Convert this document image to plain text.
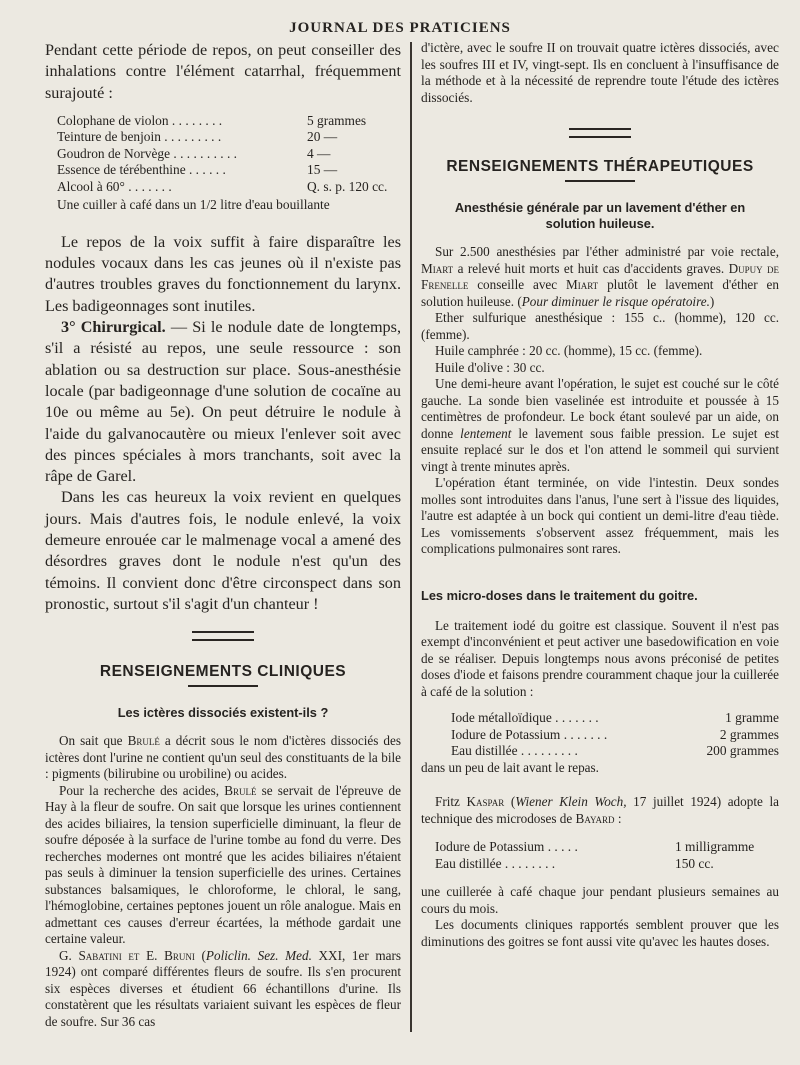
JOURNAL DES PRATICIENS

Pendant cette période de repos, on peut conseiller des inhalations contre l'élément catarrhal, fréquemment surajouté :

Colophane de violon . . . . . . . .	5 grammes
Teinture de benjoin . . . . . . . . .	20 —
Goudron de Norvège . . . . . . . . . .	4 —
Essence de térébenthine . . . . . .	15 —
Alcool à 60° . . . . . . .	Q. s. p. 120 cc.

Une cuiller à café dans un 1/2 litre d'eau bouillante

Le repos de la voix suffit à faire disparaître les nodules vocaux dans les cas jeunes où il n'existe pas d'autres troubles graves du fonctionnement du larynx. Les badigeonnages sont inutiles.

3° Chirurgical. — Si le nodule date de longtemps, s'il a résisté au repos, une seule ressource : son ablation ou sa destruction sur place. Sous-anesthésie locale (par badigeonnage d'une solution de cocaïne au 10e ou même au 5e). On peut détruire le nodule à l'aide du galvanocautère ou mieux l'enlever soit avec des pinces spéciales à mors tranchants, soit avec la râpe de Garel.

Dans les cas heureux la voix revient en quelques jours. Mais d'autres fois, le nodule enlevé, la voix demeure enrouée car le malmenage vocal a amené des désordres graves dont le nodule n'est qu'un des témoins. Il convient donc d'être circonspect dans son pronostic, surtout s'il s'agit d'un chanteur !

RENSEIGNEMENTS CLINIQUES
Les ictères dissociés existent-ils ?

On sait que Brulé a décrit sous le nom d'ictères dissociés des ictères dont l'urine ne contient qu'un seul des constituants de la bile : pigments (bilirubine ou urobiline) ou acides.

Pour la recherche des acides, Brulé se servait de l'épreuve de Hay à la fleur de soufre. On sait que lorsque les urines contiennent des acides biliaires, la tension superficielle diminuant, la fleur de soufre déposée à la surface de l'urine tombe au fond du verre. Des recherches modernes ont montré que les acides biliaires n'étaient pas seuls à diminuer la tension superficielle des urines. Certaines substances balsamiques, le chloroforme, le chloral, le sang, l'hémoglobine, certaines peptones jouent un rôle analogue. Mais en admettant ces causes d'erreur écartées, la méthode gardait une certaine valeur.

G. Sabatini et E. Bruni (Policlin. Sez. Med. XXI, 1er mars 1924) ont comparé différentes fleurs de soufre. Ils s'en procurent six espèces diverses et étudient 66 échantillons d'urine. Ils constatèrent que les résultats variaient suivant les espèces de fleur de soufre. Sur 36 cas

d'ictère, avec le soufre II on trouvait quatre ictères dissociés, avec les soufres III et IV, vingt-sept. Ils en concluent à l'insuffisance de la méthode et à la nécessité de reprendre toute l'étude des ictères dissociés.

RENSEIGNEMENTS THÉRAPEUTIQUES
Anesthésie générale par un lavement d'éther en solution huileuse.

Sur 2.500 anesthésies par l'éther administré par voie rectale, Miart a relevé huit morts et huit cas d'accidents graves. Dupuy de Frenelle conseille avec Miart plutôt le lavement d'éther en solution huileuse. (Pour diminuer le risque opératoire.)

Ether sulfurique anesthésique : 155 c.. (homme), 120 cc. (femme).

Huile camphrée : 20 cc. (homme), 15 cc. (femme).

Huile d'olive : 30 cc.

Une demi-heure avant l'opération, le sujet est couché sur le côté gauche. La sonde bien vaselinée est introduite et poussée à 15 centimètres de profondeur. Le bock étant soulevé par un aide, on donne lentement le lavement sous faible pression. Le sujet est ensuite replacé sur le dos et l'on attend le sommeil qui survient vingt à trente minutes après.

L'opération étant terminée, on vide l'intestin. Deux sondes molles sont introduites dans l'anus, l'une sert à l'issue des liquides, l'autre est adaptée à un bock qui contient un demi-litre d'eau tiède. Les vomissements s'observent assez fréquemment, mais les complications pulmonaires sont rares.

Les micro-doses dans le traitement du goitre.

Le traitement iodé du goitre est classique. Souvent il n'est pas exempt d'inconvénient et peut activer une basedowification en voie de se réaliser. Depuis longtemps nous avons préconisé de petites doses d'iode et faisons prendre couramment chaque jour la cuillerée à café de la solution :

Iode métalloïdique . . . . . . .	1 gramme
Iodure de Potassium . . . . . . .	2 grammes
Eau distillée . . . . . . . . .	200 grammes

dans un peu de lait avant le repas.

Fritz Kaspar (Wiener Klein Woch, 17 juillet 1924) adopte la technique des microdoses de Bayard :

Iodure de Potassium . . . . .	1 milligramme
Eau distillée . . . . . . . .	150 cc.

une cuillerée à café chaque jour pendant plusieurs semaines au cours du mois.

Les documents cliniques rapportés semblent prouver que les diminutions des goitres se font aussi vite qu'avec les hautes doses.
